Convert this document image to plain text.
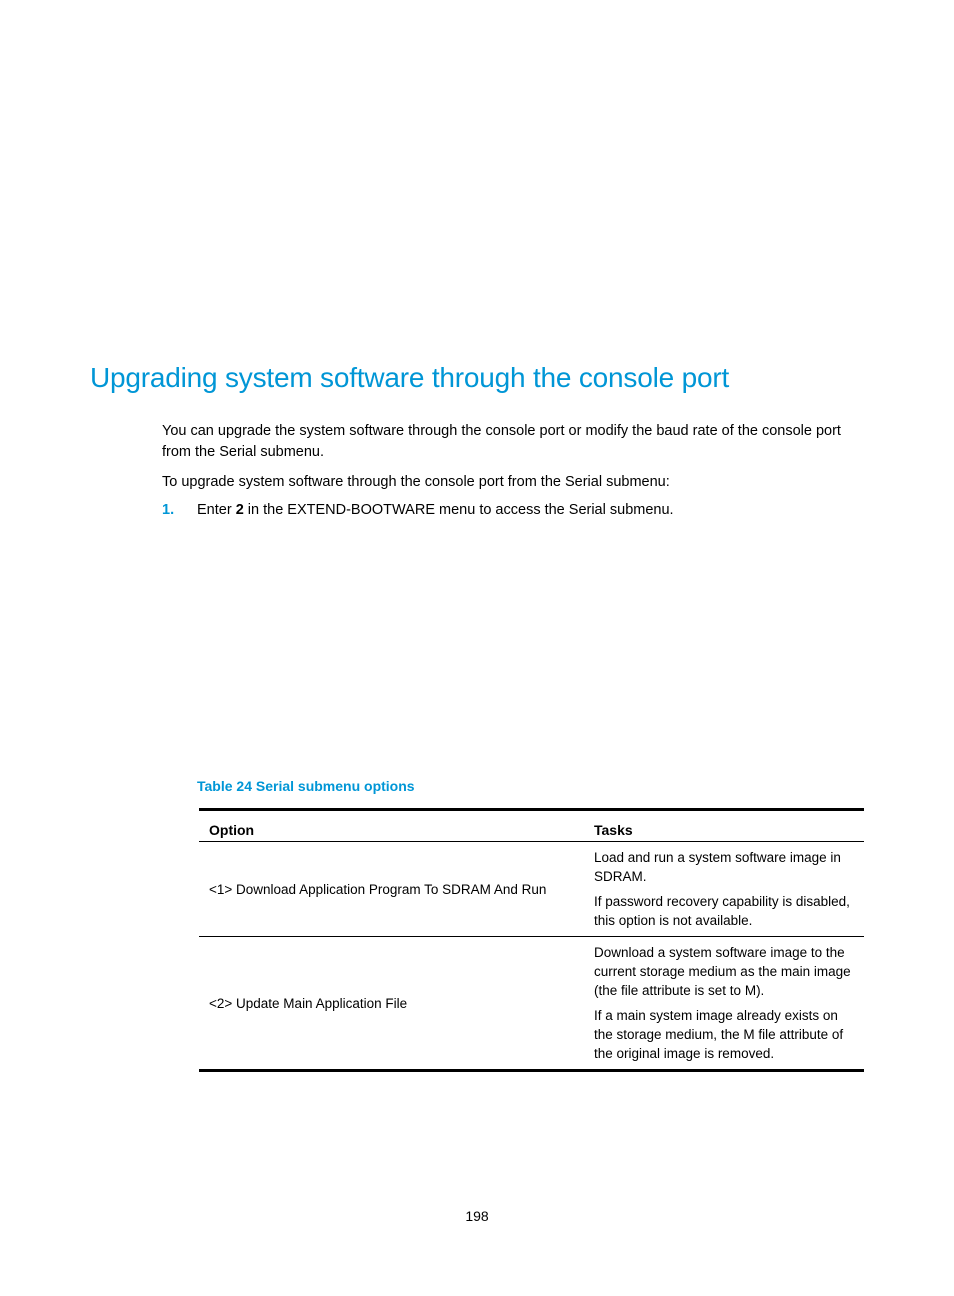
Upgrading system software through the console port

You can upgrade the system software through the console port or modify the baud rate of the console port from the Serial submenu.

To upgrade system software through the console port from the Serial submenu:

1. Enter 2 in the EXTEND-BOOTWARE menu to access the Serial submenu.

Table 24 Serial submenu options

Option	Tasks
<1> Download Application Program To SDRAM And Run	Load and run a system software image in SDRAM.

If password recovery capability is disabled, this option is not available.

<2> Update Main Application File	Download a system software image to the current storage medium as the main image (the file attribute is set to M).

If a main system image already exists on the storage medium, the M file attribute of the original image is removed.

198
